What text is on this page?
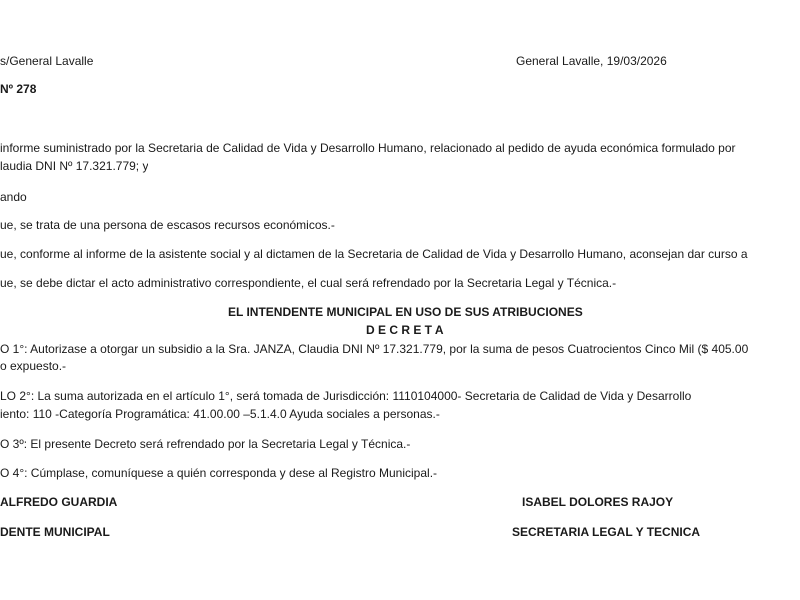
s/General Lavalle	General Lavalle, 19/03/2026
Nº 278
informe suministrado por la Secretaria de Calidad de Vida y Desarrollo Humano, relacionado al pedido de ayuda económica formulado por
laudia DNI Nº 17.321.779; y
ando
ue, se trata de una persona de escasos recursos económicos.-
ue, conforme al informe de la asistente social y al dictamen de la Secretaria de Calidad de Vida y Desarrollo Humano, aconsejan dar curso a
ue, se debe dictar el acto administrativo correspondiente, el cual será refrendado por la Secretaria Legal y Técnica.-
EL INTENDENTE MUNICIPAL EN USO DE SUS ATRIBUCIONES
D E C R E T A
O 1°: Autorizase a otorgar un subsidio a la Sra. JANZA, Claudia DNI Nº 17.321.779, por la suma de pesos Cuatrocientos Cinco Mil ($ 405.00
o expuesto.-
LO 2°: La suma autorizada en el artículo 1°, será tomada de Jurisdicción: 1110104000- Secretaria de Calidad de Vida y Desarrollo
iento: 110 -Categoría Programática: 41.00.00 –5.1.4.0 Ayuda sociales a personas.-
O 3º: El presente Decreto será refrendado por la Secretaria Legal y Técnica.-
O 4°: Cúmplase, comuníquese a quién corresponda y dese al Registro Municipal.-
ALFREDO GUARDIA	ISABEL DOLORES RAJOY
DENTE MUNICIPAL	SECRETARIA LEGAL Y TECNICA
